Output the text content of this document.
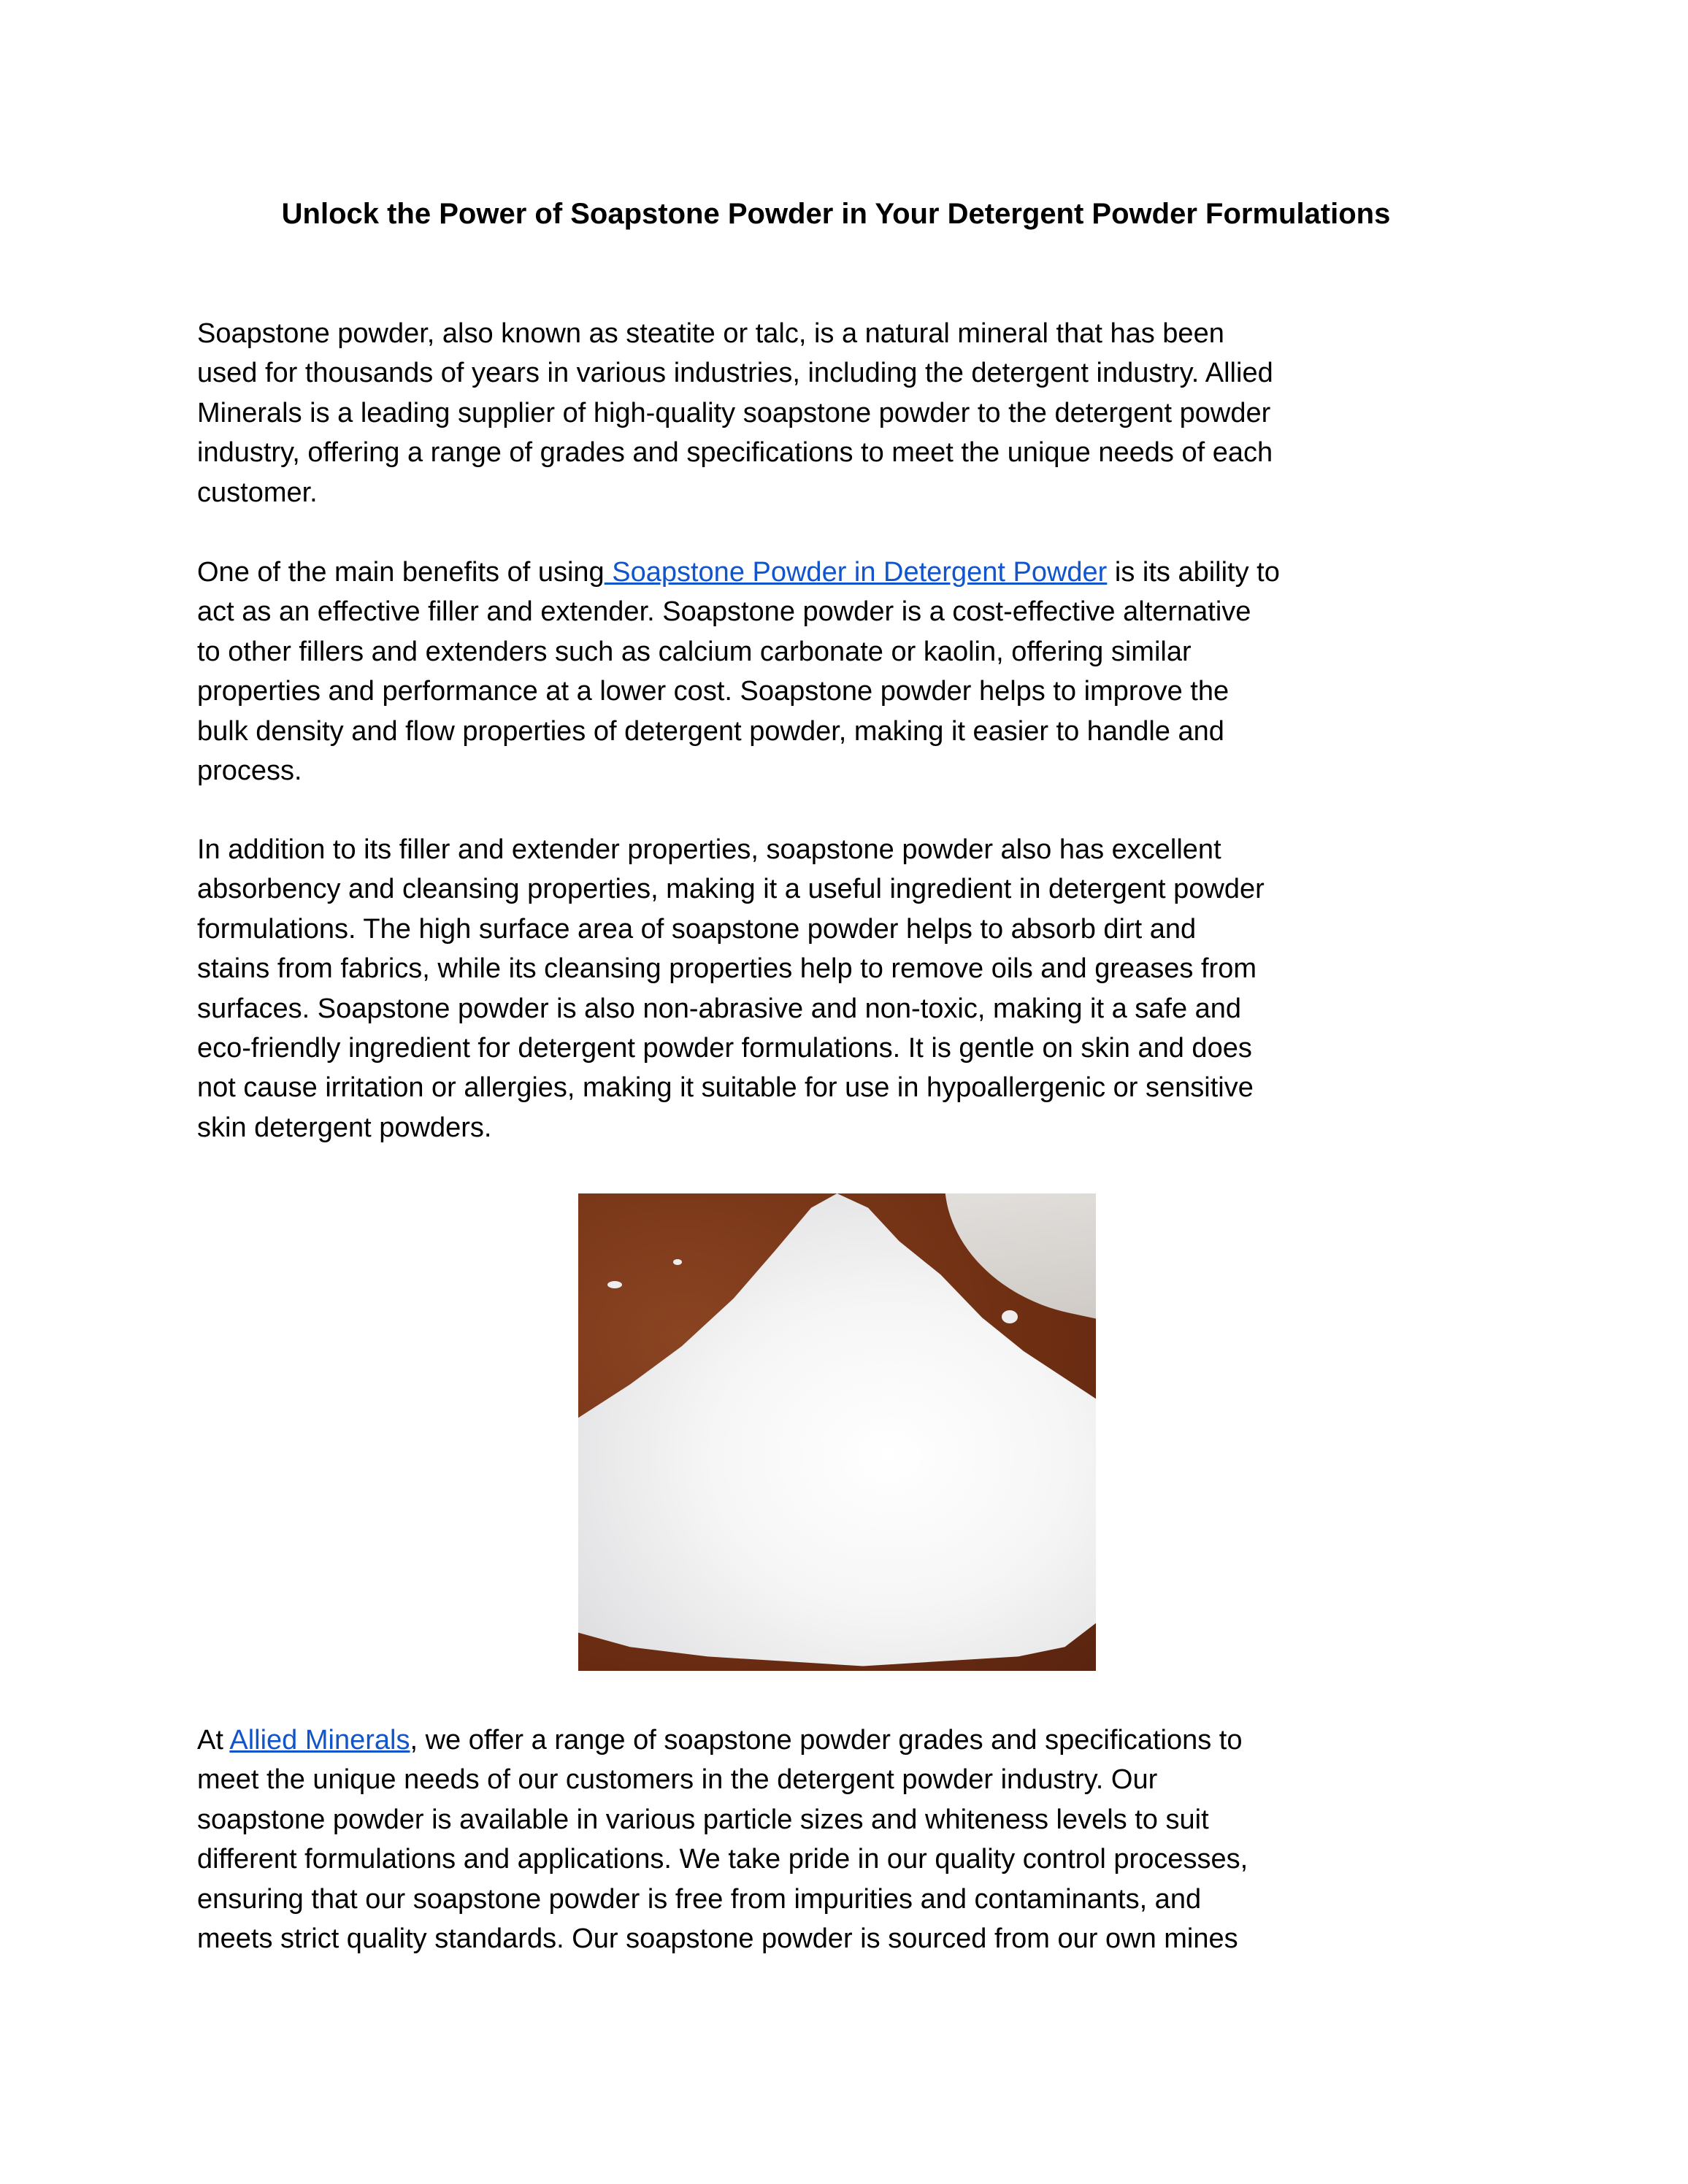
Unlock the Power of Soapstone Powder in Your Detergent Powder Formulations
Soapstone powder, also known as steatite or talc, is a natural mineral that has been
used for thousands of years in various industries, including the detergent industry. Allied
Minerals is a leading supplier of high-quality soapstone powder to the detergent powder
industry, offering a range of grades and specifications to meet the unique needs of each
customer.
One of the main benefits of using Soapstone Powder in Detergent Powder is its ability to
act as an effective filler and extender. Soapstone powder is a cost-effective alternative
to other fillers and extenders such as calcium carbonate or kaolin, offering similar
properties and performance at a lower cost. Soapstone powder helps to improve the
bulk density and flow properties of detergent powder, making it easier to handle and
process.
In addition to its filler and extender properties, soapstone powder also has excellent
absorbency and cleansing properties, making it a useful ingredient in detergent powder
formulations. The high surface area of soapstone powder helps to absorb dirt and
stains from fabrics, while its cleansing properties help to remove oils and greases from
surfaces. Soapstone powder is also non-abrasive and non-toxic, making it a safe and
eco-friendly ingredient for detergent powder formulations. It is gentle on skin and does
not cause irritation or allergies, making it suitable for use in hypoallergenic or sensitive
skin detergent powders.
At Allied Minerals, we offer a range of soapstone powder grades and specifications to
meet the unique needs of our customers in the detergent powder industry. Our
soapstone powder is available in various particle sizes and whiteness levels to suit
different formulations and applications. We take pride in our quality control processes,
ensuring that our soapstone powder is free from impurities and contaminants, and
meets strict quality standards. Our soapstone powder is sourced from our own mines
